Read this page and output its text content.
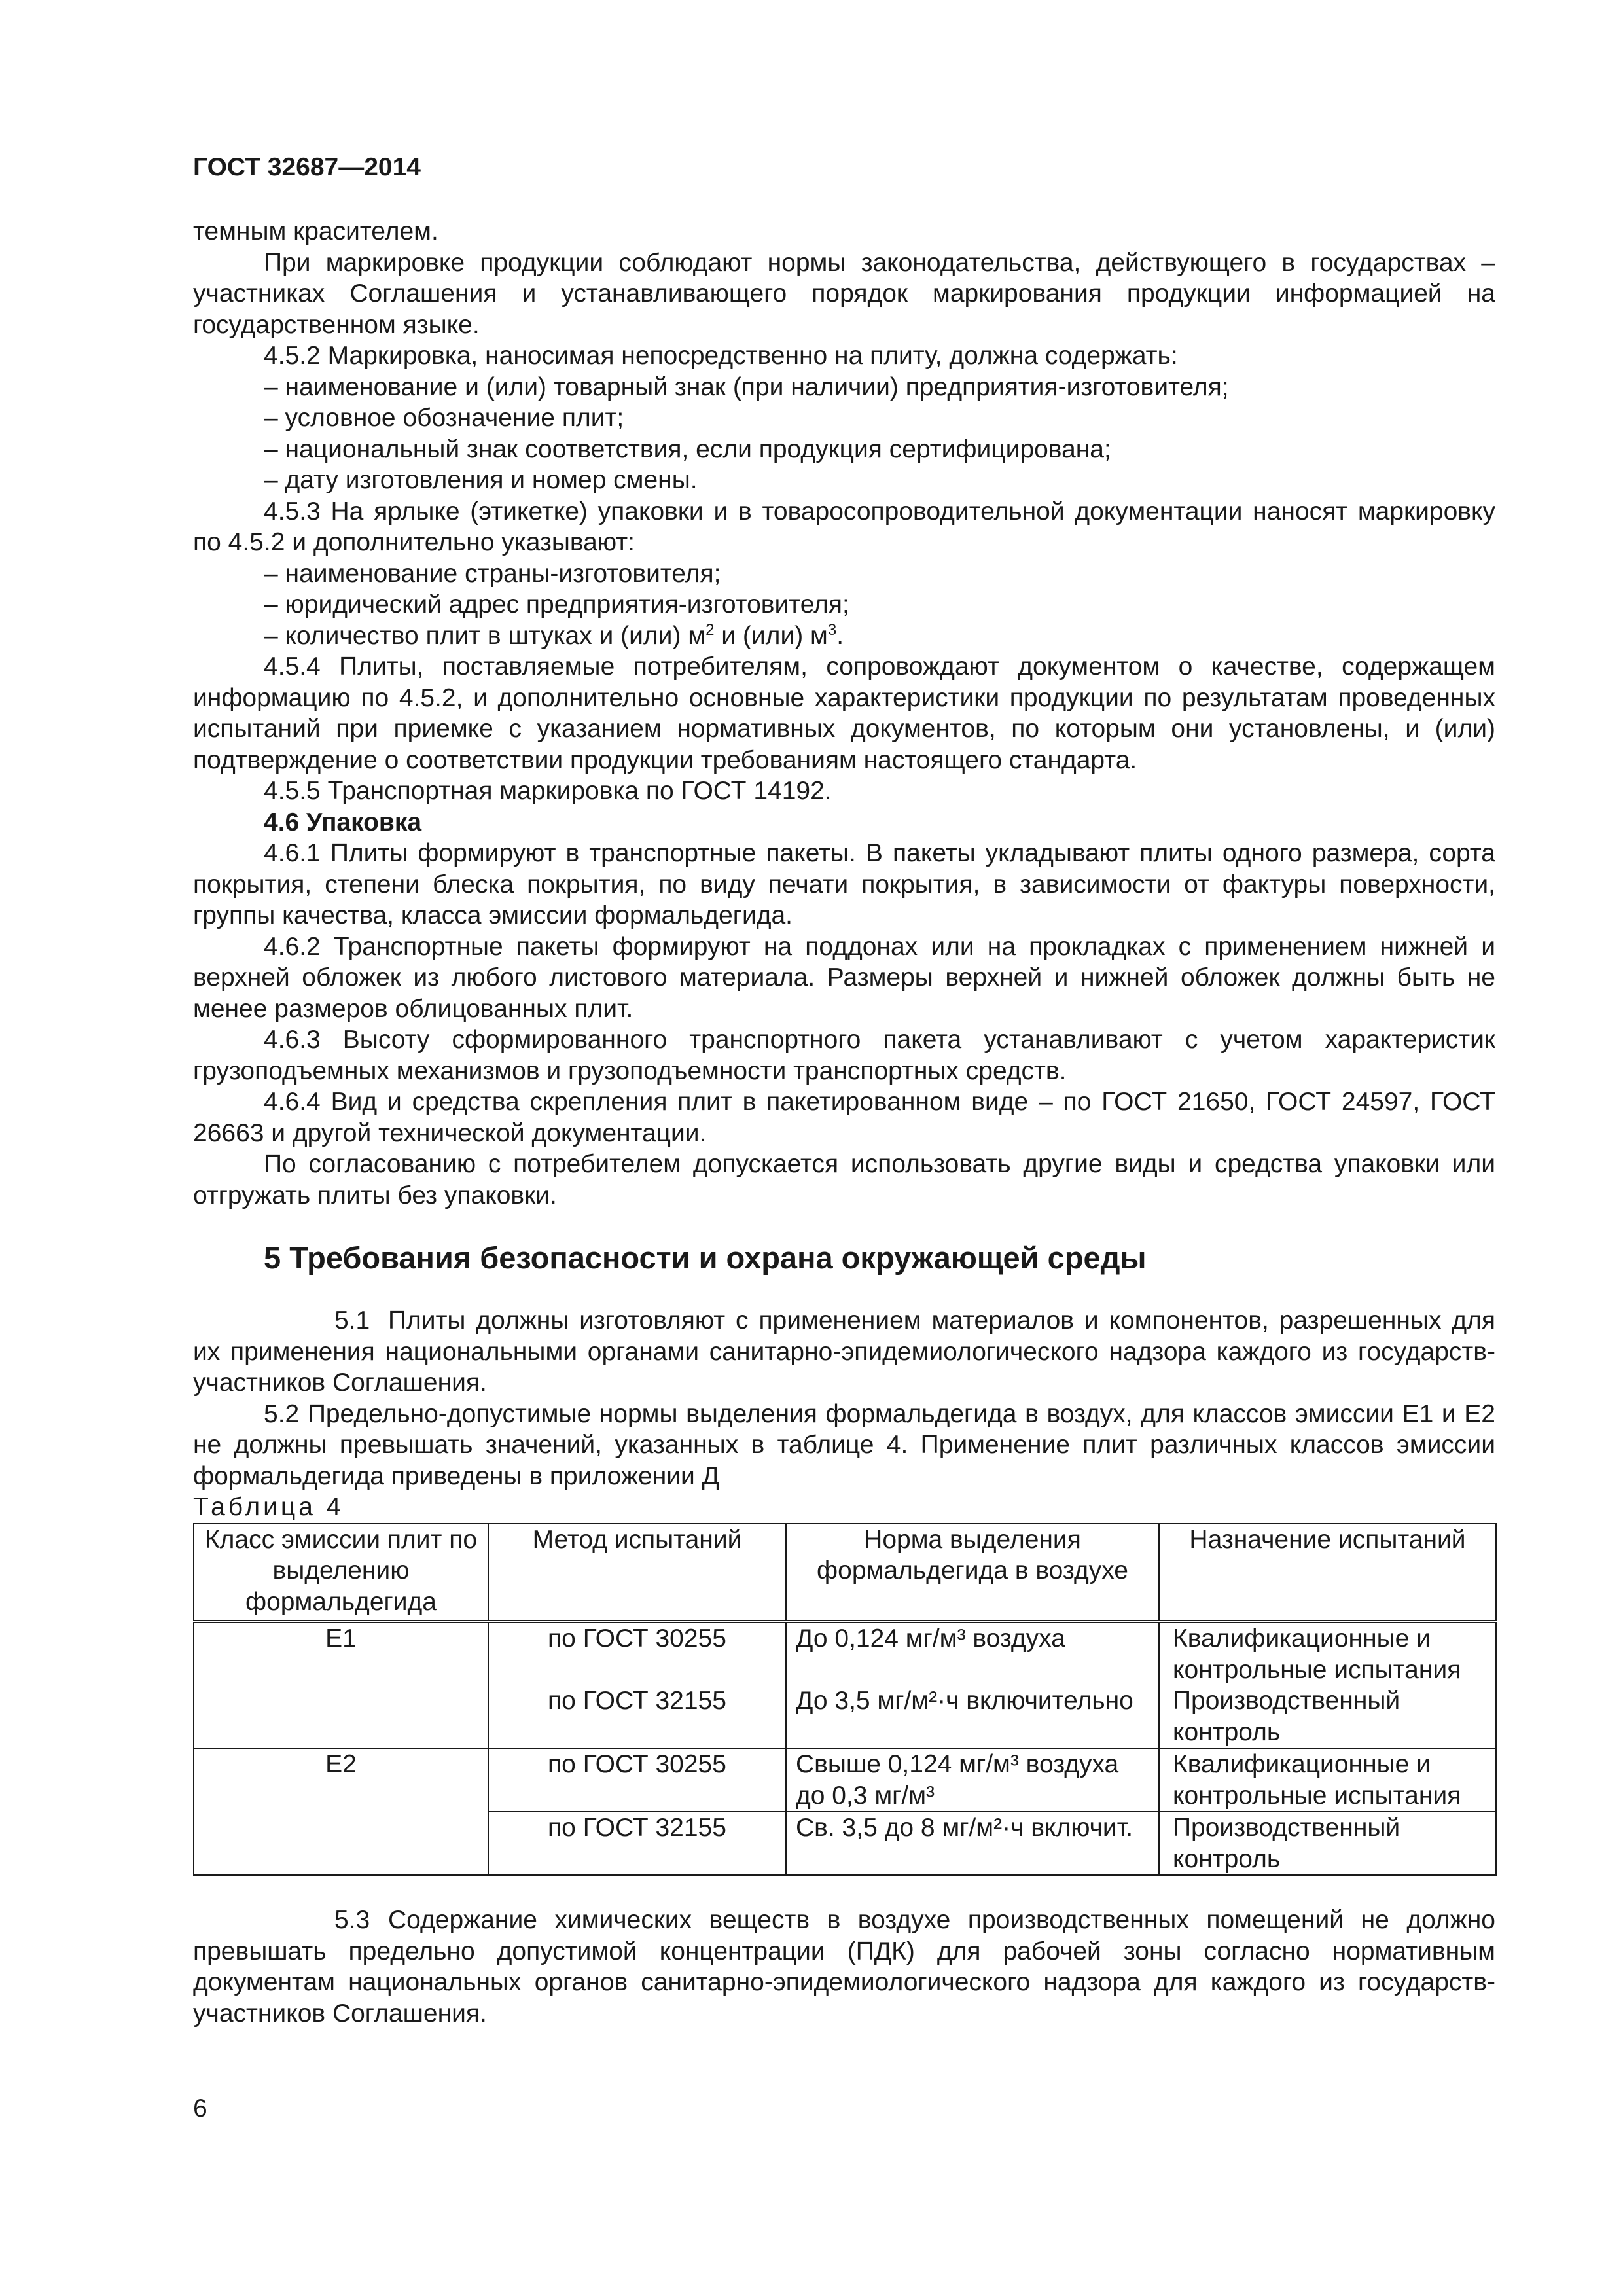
ГОСТ 32687—2014

темным красителем.

При маркировке продукции соблюдают нормы законодательства, действующего в государствах – участниках Соглашения и устанавливающего порядок маркирования продукции информацией на государственном языке.

4.5.2 Маркировка, наносимая непосредственно на плиту, должна содержать:

– наименование и (или) товарный знак (при наличии) предприятия-изготовителя;

– условное обозначение плит;

– национальный знак соответствия, если продукция сертифицирована;

– дату изготовления и номер смены.

4.5.3 На ярлыке (этикетке) упаковки и в товаросопроводительной документации наносят маркировку по 4.5.2 и дополнительно указывают:

– наименование страны-изготовителя;

– юридический адрес предприятия-изготовителя;

– количество плит в штуках и (или) $м^2$ и (или) $м^3$.

4.5.4 Плиты, поставляемые потребителям, сопровождают документом о качестве, содержащем информацию по 4.5.2, и дополнительно основные характеристики продукции по результатам проведенных испытаний при приемке с указанием нормативных документов, по которым они установлены, и (или) подтверждение о соответствии продукции требованиям настоящего стандарта.

4.5.5 Транспортная маркировка по ГОСТ 14192.

4.6 Упаковка

4.6.1 Плиты формируют в транспортные пакеты. В пакеты укладывают плиты одного размера, сорта покрытия, степени блеска покрытия, по виду печати покрытия, в зависимости от фактуры поверхности, группы качества, класса эмиссии формальдегида.

4.6.2 Транспортные пакеты формируют на поддонах или на прокладках с применением нижней и верхней обложек из любого листового материала. Размеры верхней и нижней обложек должны быть не менее размеров облицованных плит.

4.6.3 Высоту сформированного транспортного пакета устанавливают с учетом характеристик грузоподъемных механизмов и грузоподъемности транспортных средств.

4.6.4 Вид и средства скрепления плит в пакетированном виде – по ГОСТ 21650, ГОСТ 24597, ГОСТ 26663 и другой технической документации.

По согласованию с потребителем допускается использовать другие виды и средства упаковки или отгружать плиты без упаковки.

5 Требования безопасности и охрана окружающей среды

5.1 Плиты должны изготовляют с применением материалов и компонентов, разрешенных для их применения национальными органами санитарно-эпидемиологического надзора каждого из государств-участников Соглашения.

5.2 Предельно-допустимые нормы выделения формальдегида в воздух, для классов эмиссии Е1 и Е2 не должны превышать значений, указанных в таблице 4. Применение плит различных классов эмиссии формальдегида приведены в приложении Д

Таблица 4

Класс эмиссии плит по выделению формальдегида	Метод испытаний	Норма выделения формальдегида в воздухе	Назначение испытаний
Е1	по ГОСТ 30255	До 0,124 мг/м³ воздуха	Квалификационные и контрольные испытания
	по ГОСТ 32155	До 3,5 мг/м²·ч включительно	Производственный контроль
Е2	по ГОСТ 30255	Свыше 0,124 мг/м³ воздуха до 0,3 мг/м³	Квалификационные и контрольные испытания
	по ГОСТ 32155	Св. 3,5 до 8 мг/м²·ч включит.	Производственный контроль

5.3 Содержание химических веществ в воздухе производственных помещений не должно превышать предельно допустимой концентрации (ПДК) для рабочей зоны согласно нормативным документам национальных органов санитарно-эпидемиологического надзора для каждого из государств-участников Соглашения.

6
